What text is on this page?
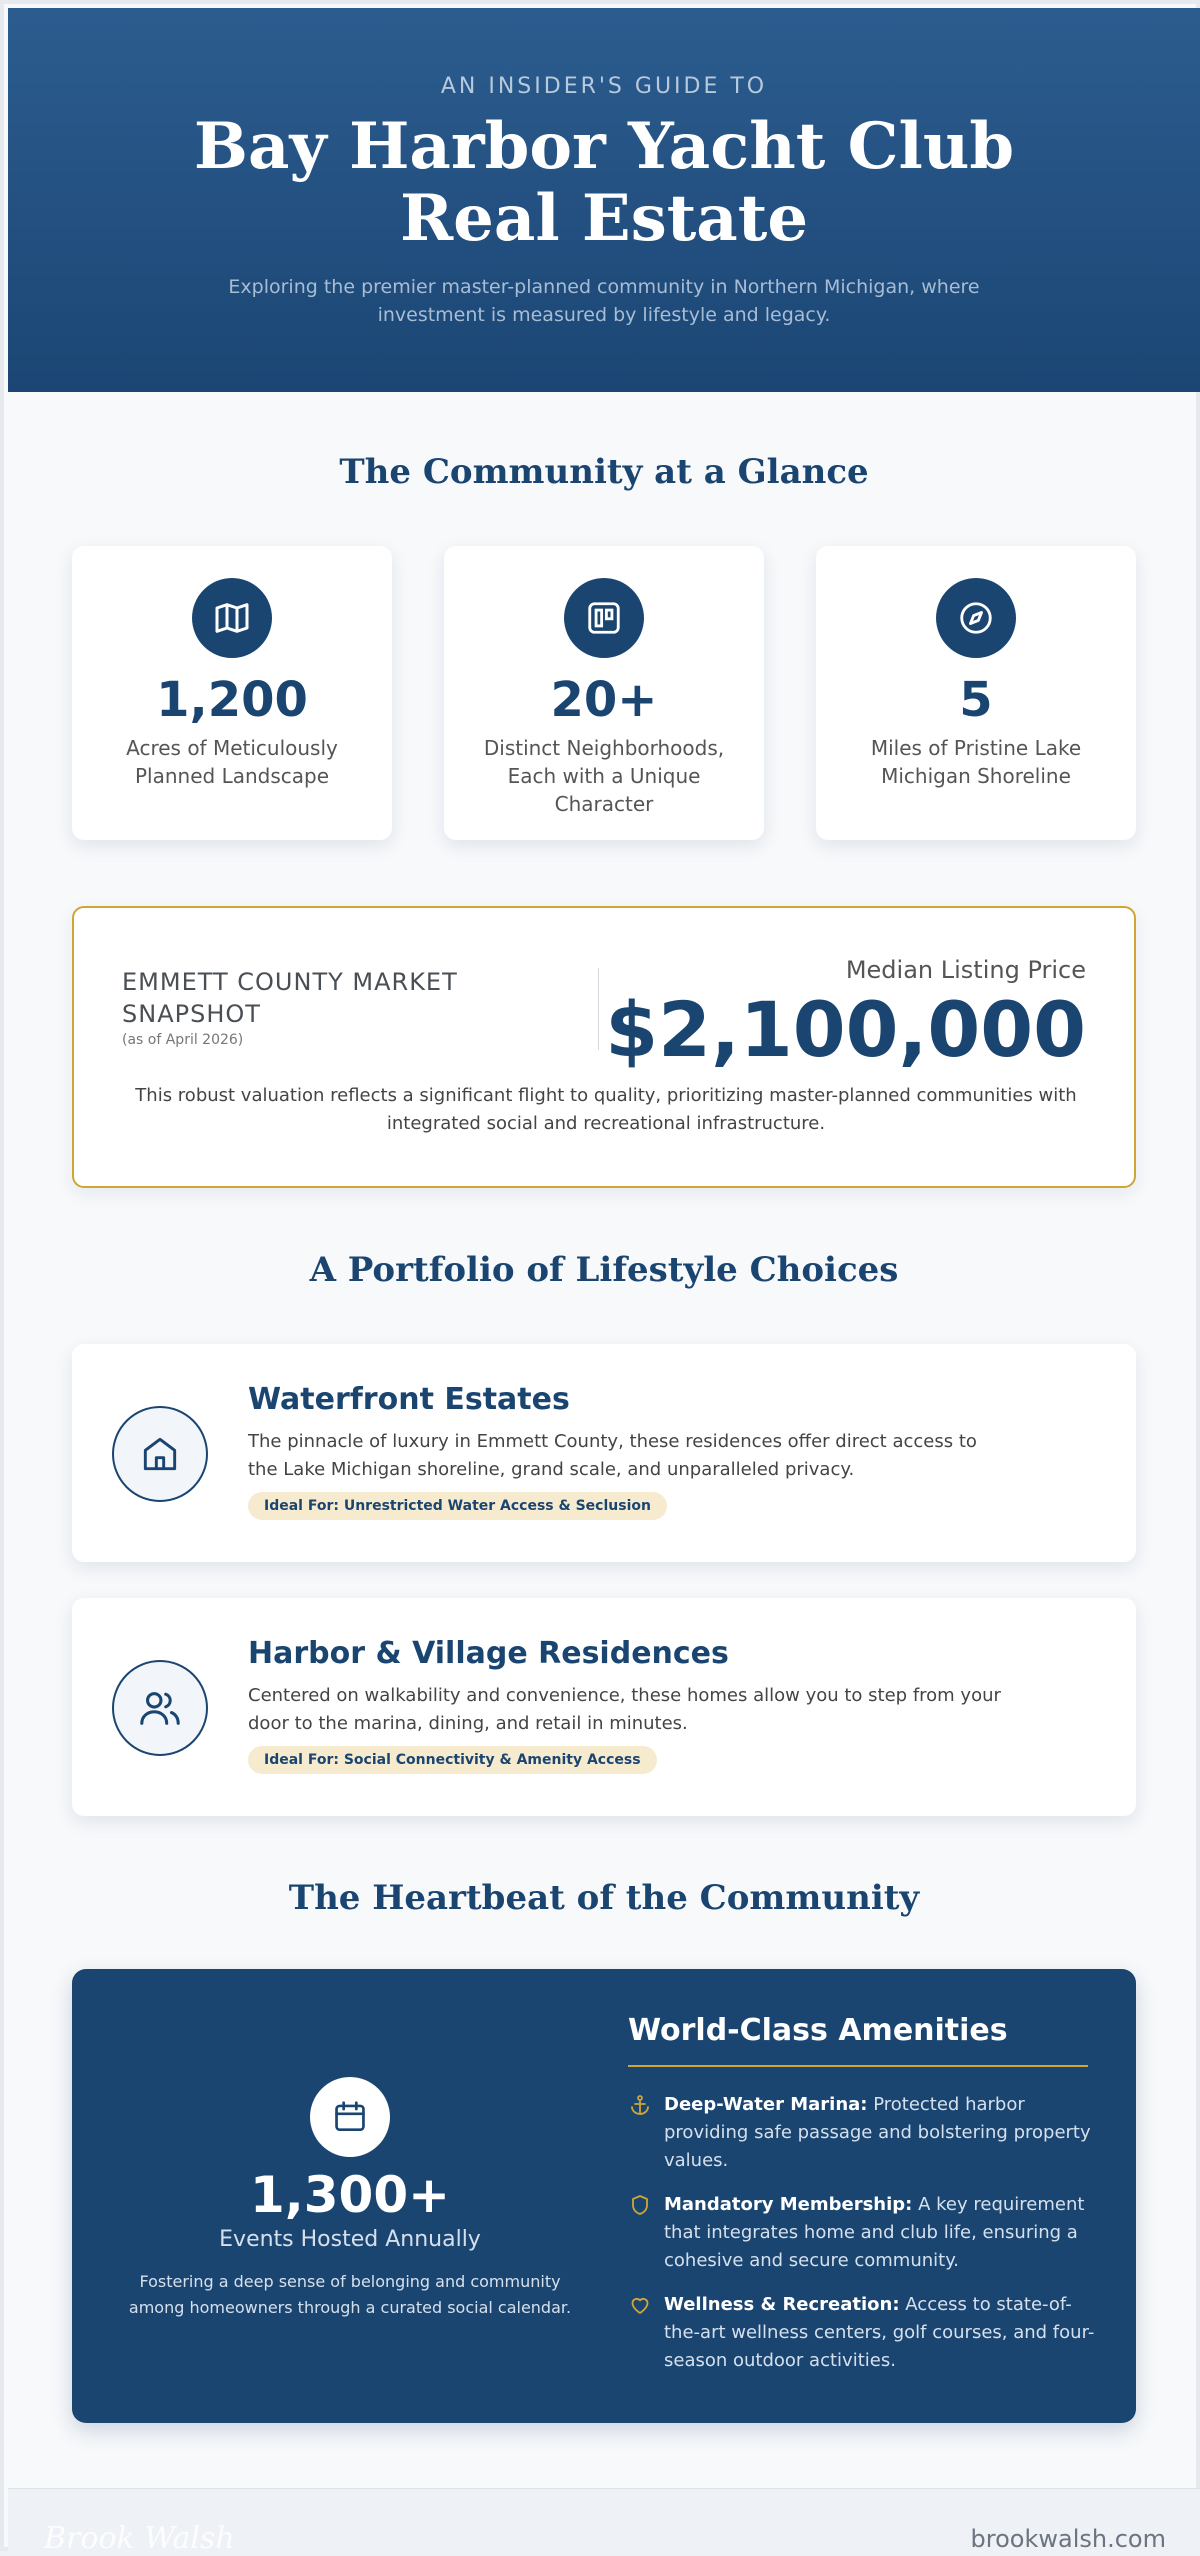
AN INSIDER'S GUIDE TO
Bay Harbor Yacht Club Real Estate

Exploring the premier master-planned community in Northern Michigan, where investment is measured by lifestyle and legacy.

The Community at a Glance
1,200
Acres of Meticulously Planned Landscape
20+
Distinct Neighborhoods, Each with a Unique Character
5
Miles of Pristine Lake Michigan Shoreline
EMMETT COUNTY MARKET SNAPSHOT
(as of April 2026)
Median Listing Price
$2,100,000

This robust valuation reflects a significant flight to quality, prioritizing master-planned communities with integrated social and recreational infrastructure.

A Portfolio of Lifestyle Choices
Waterfront Estates

The pinnacle of luxury in Emmett County, these residences offer direct access to the Lake Michigan shoreline, grand scale, and unparalleled privacy.

Ideal For: Unrestricted Water Access & Seclusion
Harbor & Village Residences

Centered on walkability and convenience, these homes allow you to step from your door to the marina, dining, and retail in minutes.

Ideal For: Social Connectivity & Amenity Access
The Heartbeat of the Community
1,300+
Events Hosted Annually

Fostering a deep sense of belonging and community among homeowners through a curated social calendar.

World-Class Amenities

Deep-Water Marina: Protected harbor providing safe passage and bolstering property values.

Mandatory Membership: A key requirement that integrates home and club life, ensuring a cohesive and secure community.

Wellness & Recreation: Access to state-of-the-art wellness centers, golf courses, and four-season outdoor activities.

Brook Walsh	brookwalsh.com
